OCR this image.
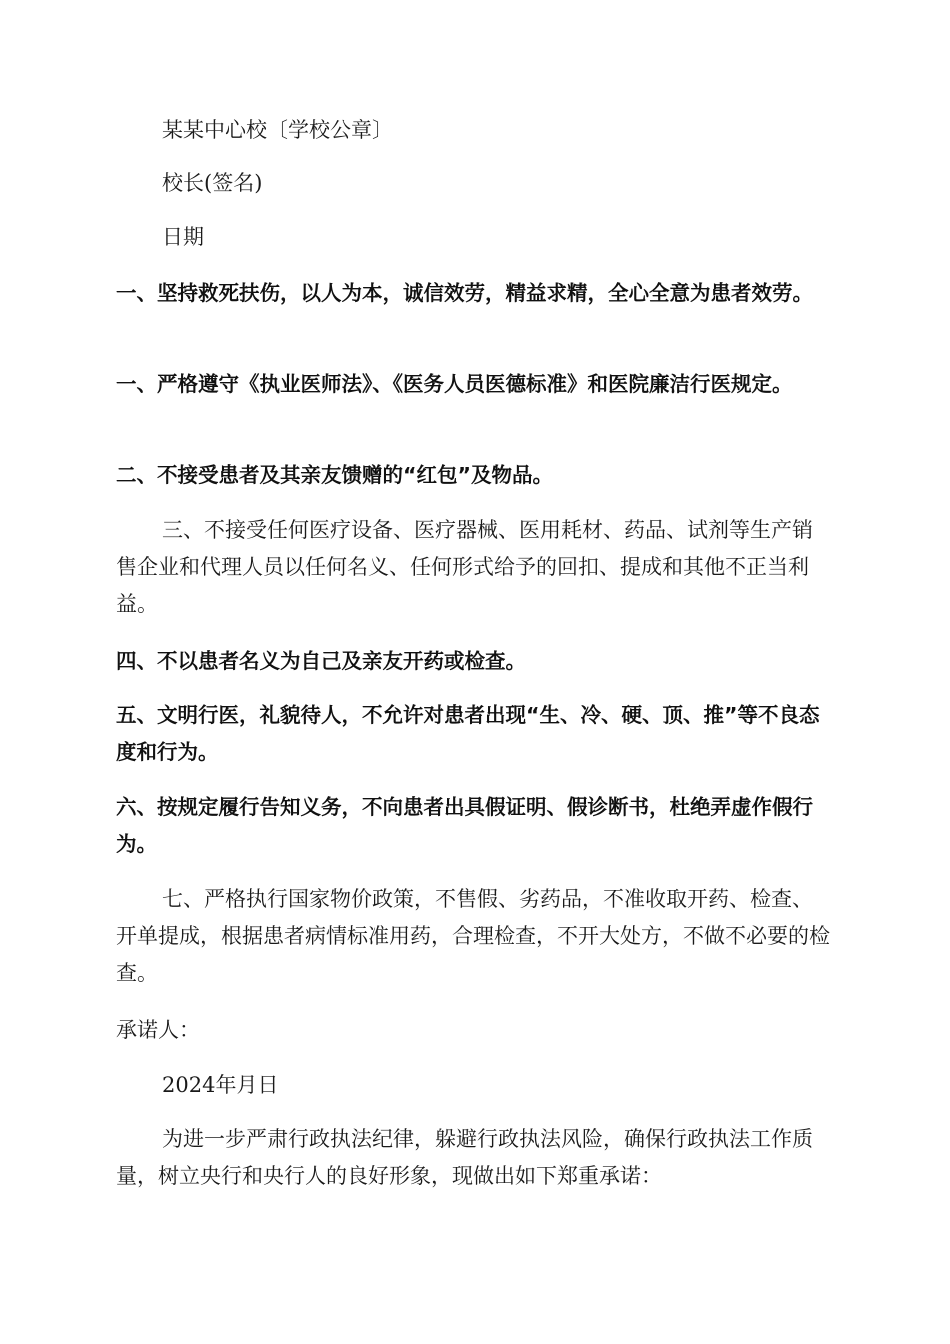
某某中心校〔学校公章〕

校长(签名)

日期

一、坚持救死扶伤，以人为本，诚信效劳，精益求精，全心全意为患者效劳。

一、严格遵守《执业医师法》、《医务人员医德标准》和医院廉洁行医规定。

二、不接受患者及其亲友馈赠的“红包”及物品。

三、不接受任何医疗设备、医疗器械、医用耗材、药品、试剂等生产销售企业和代理人员以任何名义、任何形式给予的回扣、提成和其他不正当利益。

四、不以患者名义为自己及亲友开药或检查。

五、文明行医，礼貌待人，不允许对患者出现“生、冷、硬、顶、推”等不良态度和行为。

六、按规定履行告知义务，不向患者出具假证明、假诊断书，杜绝弄虚作假行为。

七、严格执行国家物价政策，不售假、劣药品，不准收取开药、检查、开单提成，根据患者病情标准用药，合理检查，不开大处方，不做不必要的检查。

承诺人：

2024年月日

为进一步严肃行政执法纪律，躲避行政执法风险，确保行政执法工作质量，树立央行和央行人的良好形象，现做出如下郑重承诺：
